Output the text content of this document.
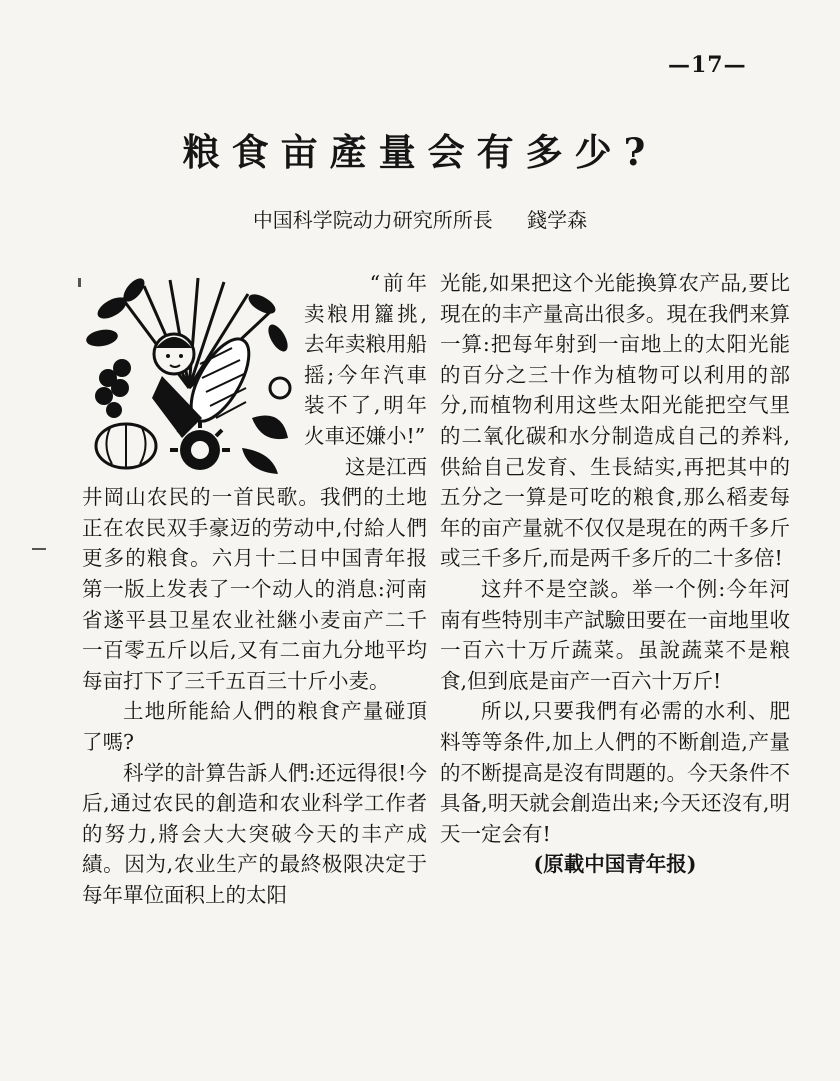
—17—
粮食亩產量会有多少?
中国科学院动力研究所所長 錢学森

“前年卖粮用籮挑,去年卖粮用船摇;今年汽車装不了,明年火車还嫌小!”

这是江西井岡山农民的一首民歌。我們的土地正在农民双手豪迈的劳动中,付給人們更多的粮食。六月十二日中国青年报第一版上发表了一个动人的消息:河南省遂平县卫星农业社継小麦亩产二千一百零五斤以后,又有二亩九分地平均每亩打下了三千五百三十斤小麦。

土地所能給人們的粮食产量碰頂了嗎?

科学的計算告訴人們:还远得很!今后,通过农民的創造和农业科学工作者的努力,將会大大突破今天的丰产成績。因为,农业生产的最終极限决定于每年單位面积上的太阳

光能,如果把这个光能換算农产品,要比現在的丰产量高出很多。現在我們来算一算:把每年射到一亩地上的太阳光能的百分之三十作为植物可以利用的部分,而植物利用这些太阳光能把空气里的二氧化碳和水分制造成自己的养料,供給自己发育、生長結实,再把其中的五分之一算是可吃的粮食,那么稻麦每年的亩产量就不仅仅是現在的两千多斤或三千多斤,而是两千多斤的二十多倍!

这幷不是空談。举一个例:今年河南有些特別丰产試驗田要在一亩地里收一百六十万斤蔬菜。虽說蔬菜不是粮食,但到底是亩产一百六十万斤!

所以,只要我們有必需的水利、肥料等等条件,加上人們的不断創造,产量的不断提高是沒有問題的。今天条件不具备,明天就会創造出来;今天还沒有,明天一定会有!

(原載中国青年报)
